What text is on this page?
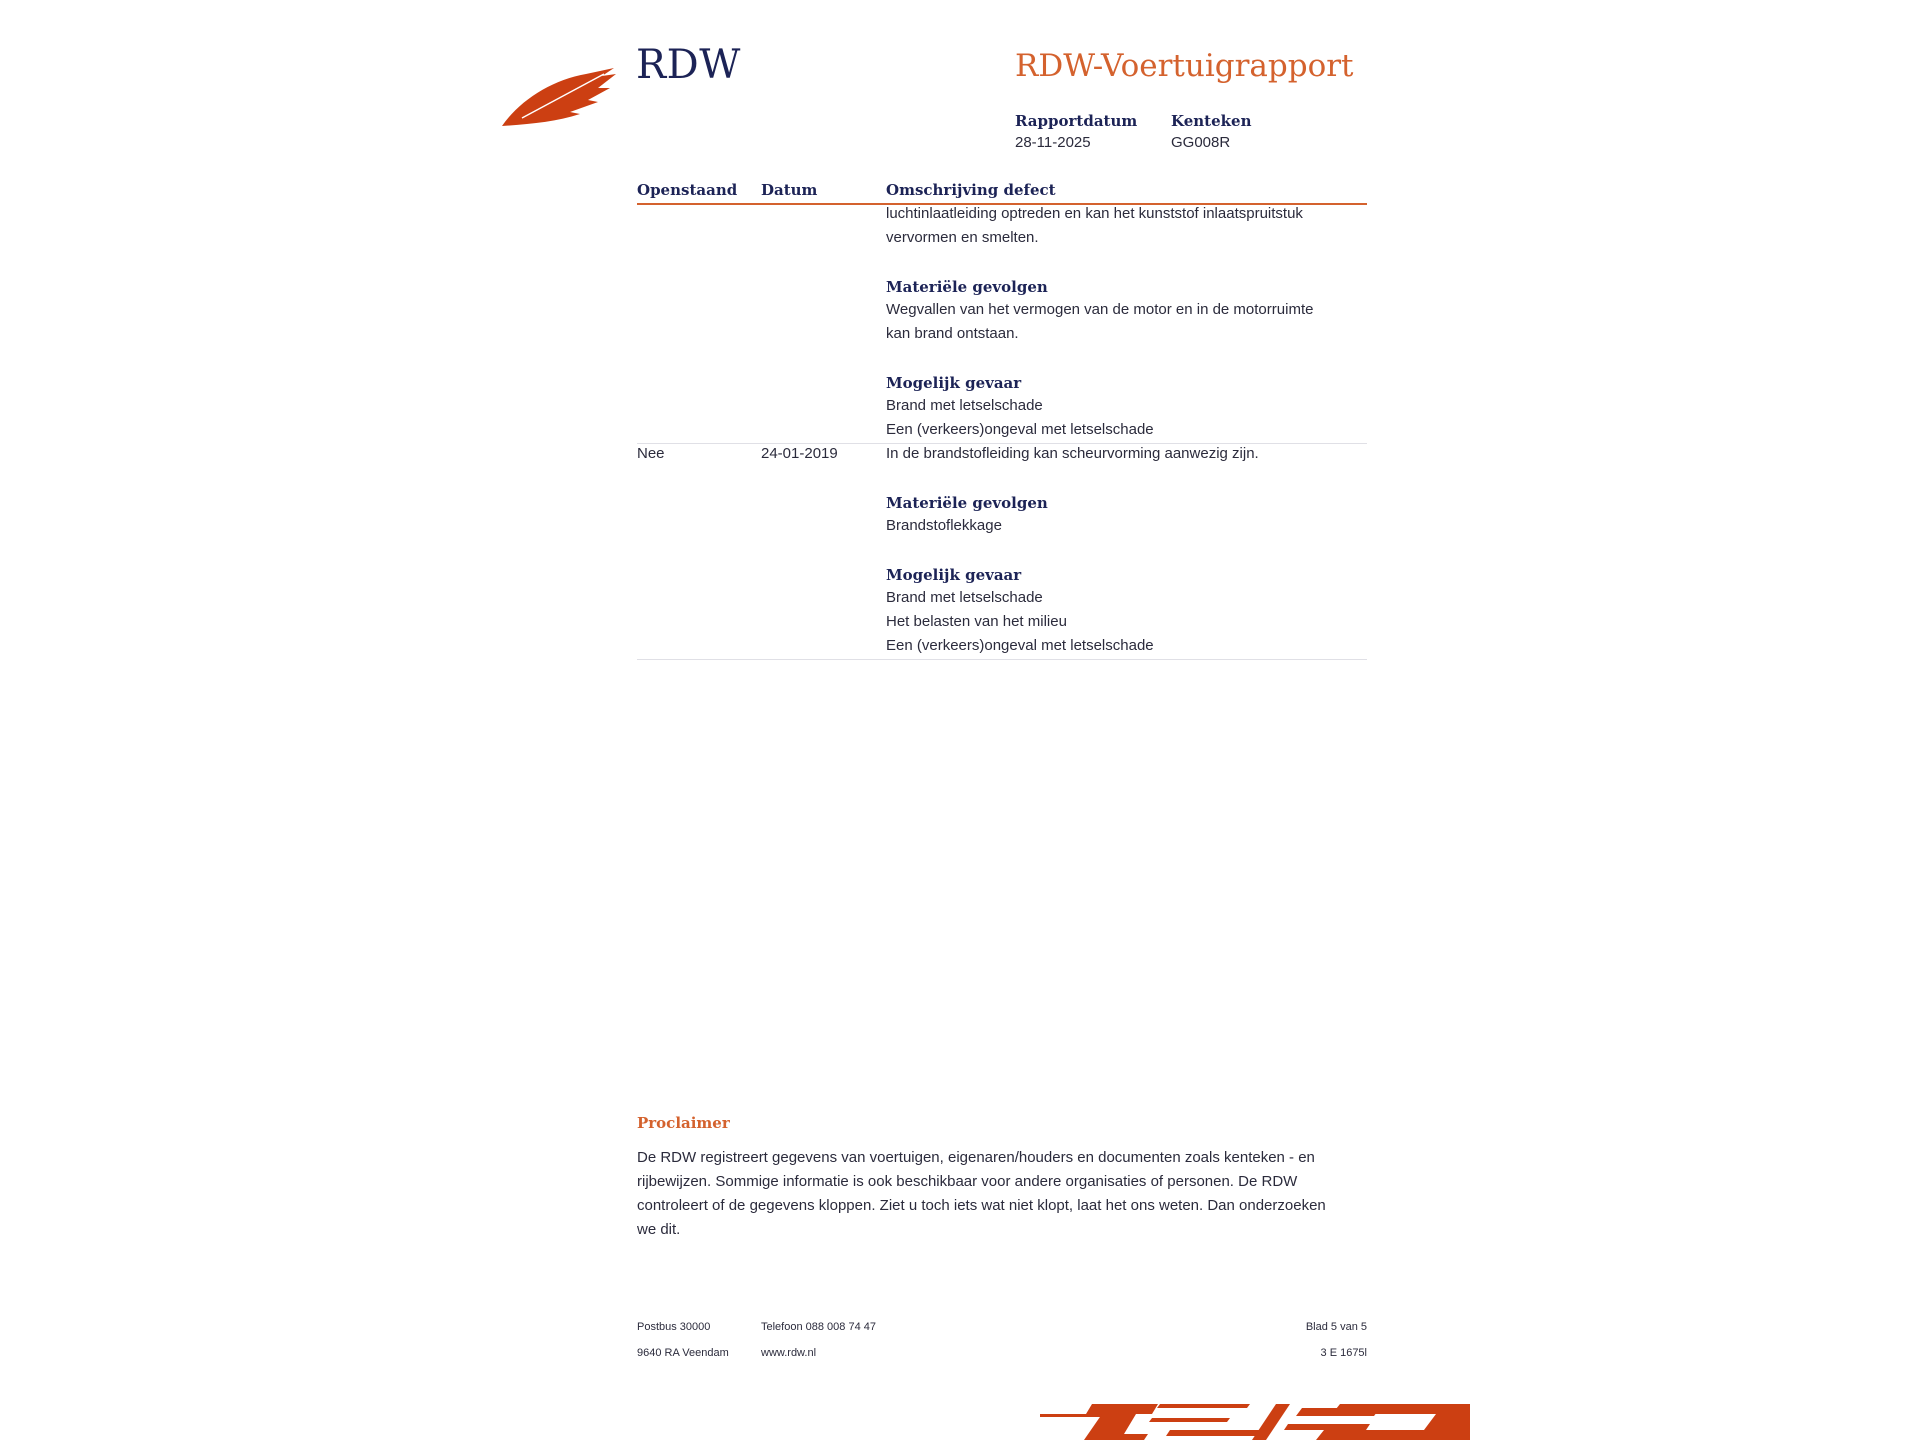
RDW	RDW-Voertuigrapport
Rapportdatum
28-11-2025
Kenteken
GG008R
Openstaand Datum	Omschrijving defect
luchtinlaatleiding optreden en kan het kunststof inlaatspruitstuk
vervormen en smelten.
Materiële gevolgen
Wegvallen van het vermogen van de motor en in de motorruimte
kan brand ontstaan.
Mogelijk gevaar
Brand met letselschade
Een (verkeers)ongeval met letselschade
Nee	24-01-2019	In de brandstofleiding kan scheurvorming aanwezig zijn.
Materiële gevolgen
Brandstoflekkage
Mogelijk gevaar
Brand met letselschade
Het belasten van het milieu
Een (verkeers)ongeval met letselschade
Proclaimer
De RDW registreert gegevens van voertuigen, eigenaren/houders en documenten zoals kenteken - en
rijbewijzen. Sommige informatie is ook beschikbaar voor andere organisaties of personen. De RDW
controleert of de gegevens kloppen. Ziet u toch iets wat niet klopt, laat het ons weten. Dan onderzoeken
we dit.
Postbus 30000
9640 RA Veendam
Telefoon 088 008 74 47
www.rdw.nl
Blad 5 van 5
3 E 1675l
